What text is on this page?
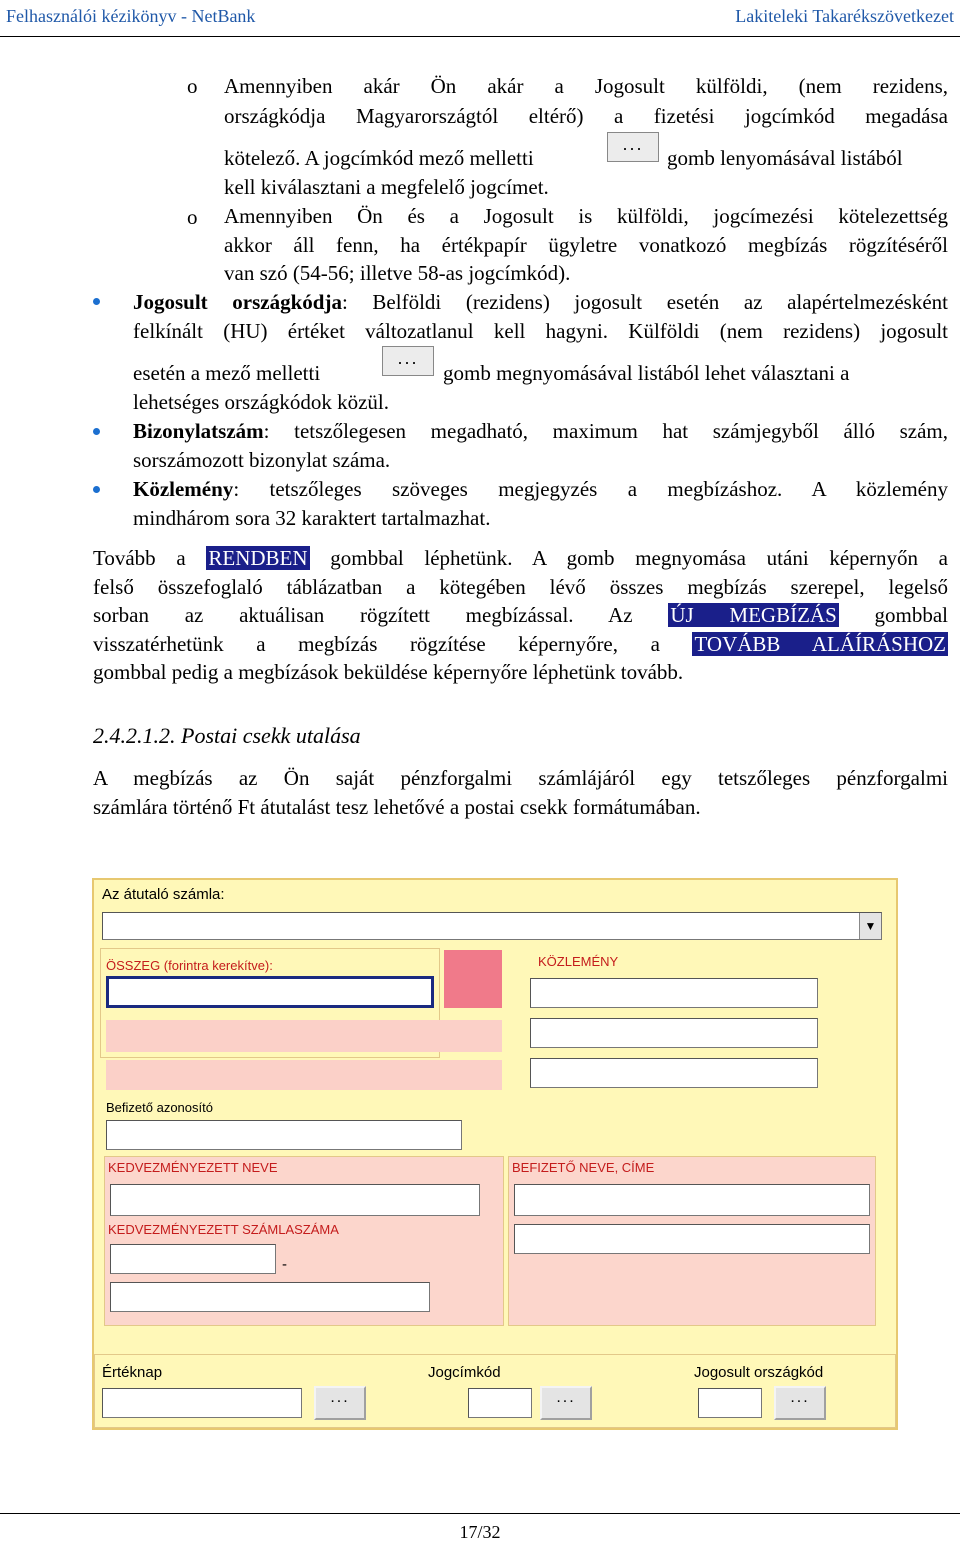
Felhasználói kézikönyv - NetBank	Lakiteleki Takarékszövetkezet
o Amennyiben akár Ön akár a Jogosult külföldi, (nem rezidens,
országkódja Magyarországtól eltérő) a fizetési jogcímkód megadása
kötelező. A jogcímkód mező melletti
...
gomb lenyomásával listából
kell kiválasztani a megfelelő jogcímet.
o Amennyiben Ön és a Jogosult is külföldi, jogcímezési kötelezettség
akkor áll fenn, ha értékpapír ügyletre vonatkozó megbízás rögzítéséről
van szó (54-56; illetve 58-as jogcímkód).
Jogosult országkódja: Belföldi (rezidens) jogosult esetén az alapértelmezésként
felkínált (HU) értéket változatlanul kell hagyni. Külföldi (nem rezidens) jogosult
esetén a mező melletti
...
gomb megnyomásával listából lehet választani a
lehetséges országkódok közül.
Bizonylatszám: tetszőlegesen megadható, maximum hat számjegyből álló szám,
sorszámozott bizonylat száma.
Közlemény: tetszőleges szöveges megjegyzés a megbízáshoz. A közlemény
mindhárom sora 32 karaktert tartalmazhat.
Tovább a RENDBEN gombbal léphetünk. A gomb megnyomása utáni képernyőn a
felső összefoglaló táblázatban a kötegében lévő összes megbízás szerepel, legelső
sorban az aktuálisan rögzített megbízással. Az ÚJ MEGBÍZÁS gombbal
visszatérhetünk a megbízás rögzítése képernyőre, a TOVÁBB ALÁÍRÁSHOZ
gombbal pedig a megbízások beküldése képernyőre léphetünk tovább.
2.4.2.1.2. Postai csekk utalása
A megbízás az Ön saját pénzforgalmi számlájáról egy tetszőleges pénzforgalmi
számlára történő Ft átutalást tesz lehetővé a postai csekk formátumában.
Az átutaló számla:
▼
ÖSSZEG (forintra kerekítve):	KÖZLEMÉNY
Befizető azonosító
KEDVEZMÉNYEZETT NEVE
KEDVEZMÉNYEZETT SZÁMLASZÁMA
-
BEFIZETŐ NEVE, CÍME
Értéknap
...
Jogcímkód
...
Jogosult országkód
...
17/32
